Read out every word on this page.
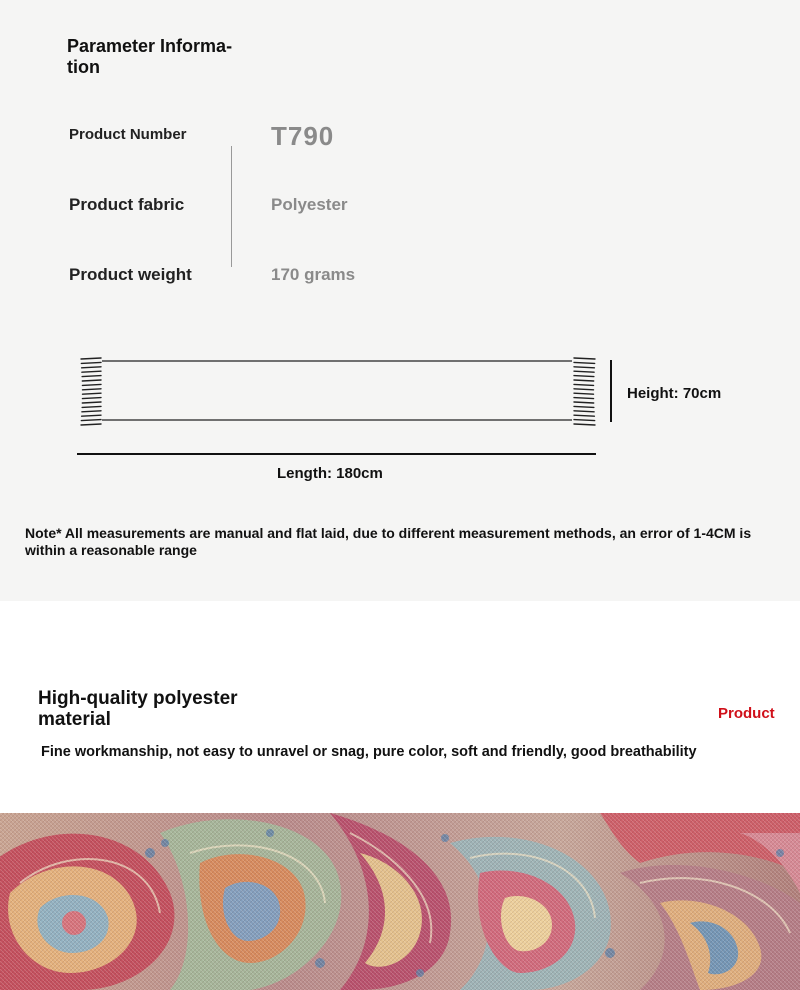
Parameter Informa-tion
Product Number	T790
Product fabric	Polyester
Product weight	170 grams
Height: 70cm
Length: 180cm
Note* All measurements are manual and flat laid, due to different measurement methods, an error of 1-4CM is within a reasonable range
High-quality polyester material	Product
Fine workmanship, not easy to unravel or snag, pure color, soft and friendly, good breathability
